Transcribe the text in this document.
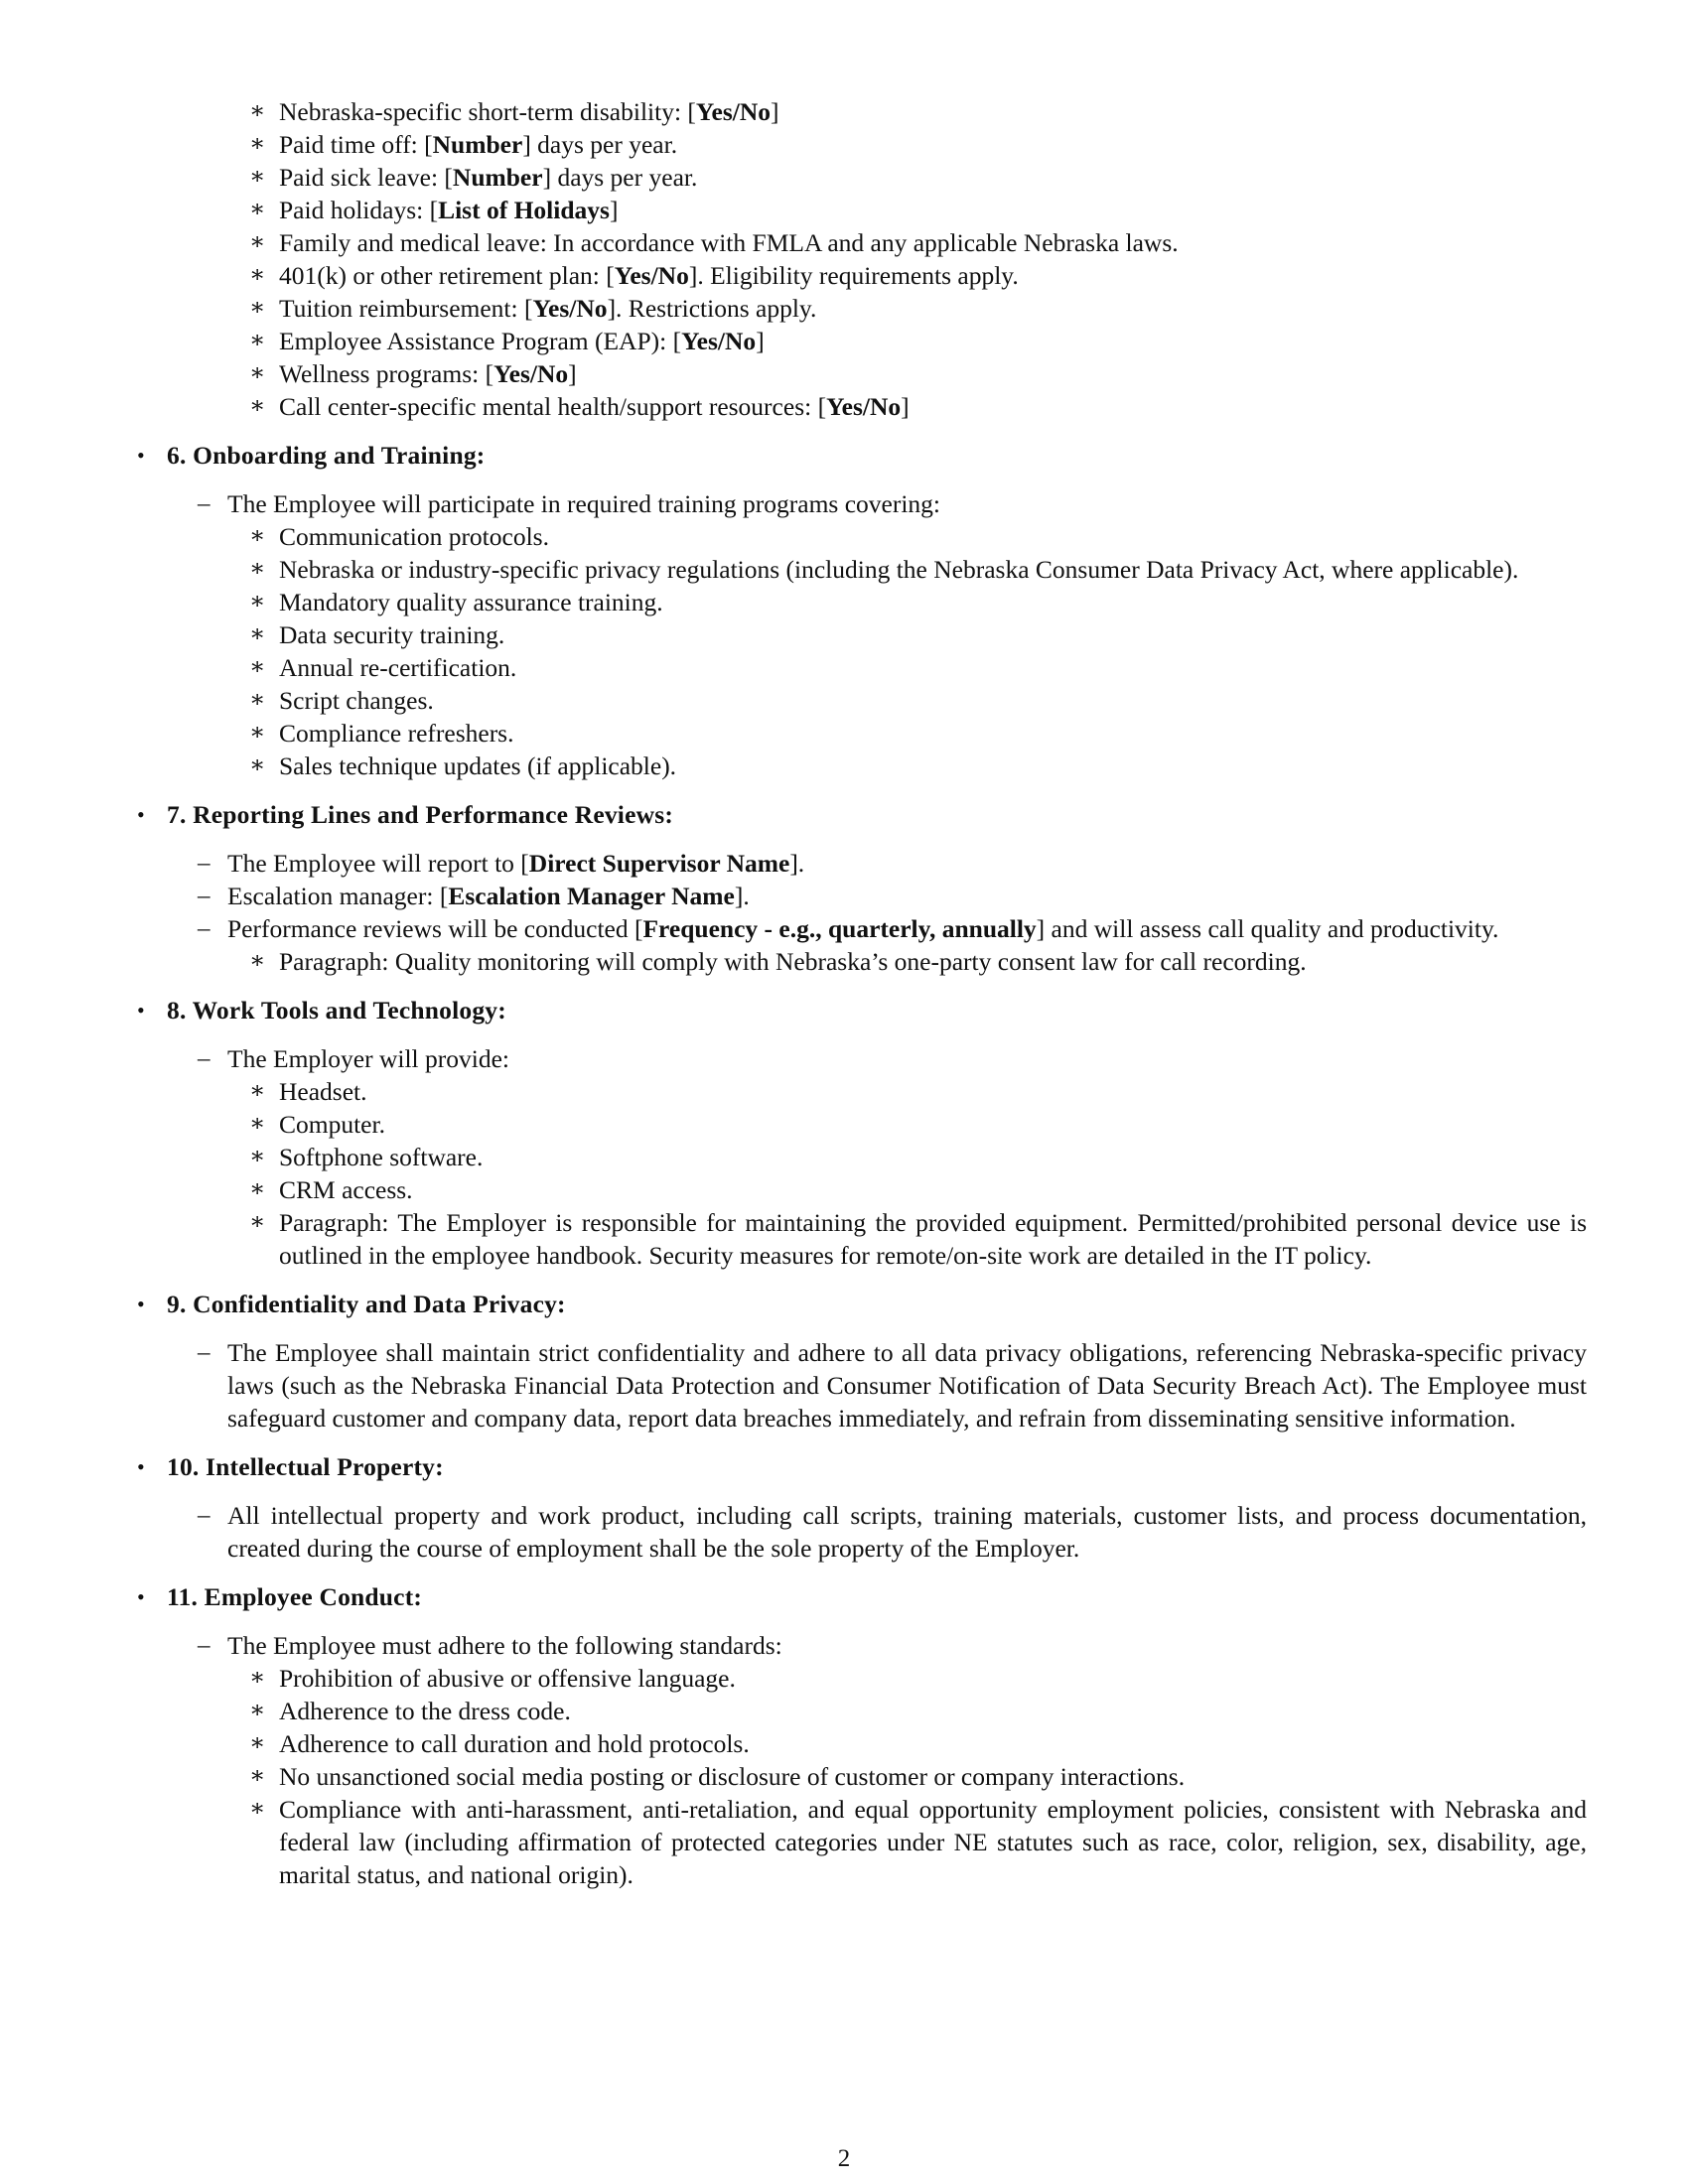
∗ Nebraska-specific short-term disability: [Yes/No]
∗ Paid time off: [Number] days per year.
∗ Paid sick leave: [Number] days per year.
∗ Paid holidays: [List of Holidays]
∗ Family and medical leave: In accordance with FMLA and any applicable Nebraska laws.
∗ 401(k) or other retirement plan: [Yes/No]. Eligibility requirements apply.
∗ Tuition reimbursement: [Yes/No]. Restrictions apply.
∗ Employee Assistance Program (EAP): [Yes/No]
∗ Wellness programs: [Yes/No]
∗ Call center-specific mental health/support resources: [Yes/No]
• 6. Onboarding and Training:
– The Employee will participate in required training programs covering:
∗ Communication protocols.
∗ Nebraska or industry-specific privacy regulations (including the Nebraska Consumer Data Privacy Act, where applicable).
∗ Mandatory quality assurance training.
∗ Data security training.
∗ Annual re-certification.
∗ Script changes.
∗ Compliance refreshers.
∗ Sales technique updates (if applicable).
• 7. Reporting Lines and Performance Reviews:
– The Employee will report to [Direct Supervisor Name].
– Escalation manager: [Escalation Manager Name].
– Performance reviews will be conducted [Frequency - e.g., quarterly, annually] and will assess call quality and productivity.
∗ Paragraph: Quality monitoring will comply with Nebraska’s one-party consent law for call recording.
• 8. Work Tools and Technology:
– The Employer will provide:
∗ Headset.
∗ Computer.
∗ Softphone software.
∗ CRM access.
∗ Paragraph: The Employer is responsible for maintaining the provided equipment. Permitted/prohibited personal device use is outlined in the employee handbook. Security measures for remote/on-site work are detailed in the IT policy.
• 9. Confidentiality and Data Privacy:
– The Employee shall maintain strict confidentiality and adhere to all data privacy obligations, referencing Nebraska-specific privacy laws (such as the Nebraska Financial Data Protection and Consumer Notification of Data Security Breach Act). The Employee must safeguard customer and company data, report data breaches immediately, and refrain from disseminating sensitive information.
• 10. Intellectual Property:
– All intellectual property and work product, including call scripts, training materials, customer lists, and process documentation, created during the course of employment shall be the sole property of the Employer.
• 11. Employee Conduct:
– The Employee must adhere to the following standards:
∗ Prohibition of abusive or offensive language.
∗ Adherence to the dress code.
∗ Adherence to call duration and hold protocols.
∗ No unsanctioned social media posting or disclosure of customer or company interactions.
∗ Compliance with anti-harassment, anti-retaliation, and equal opportunity employment policies, consistent with Nebraska and federal law (including affirmation of protected categories under NE statutes such as race, color, religion, sex, disability, age, marital status, and national origin).
2
